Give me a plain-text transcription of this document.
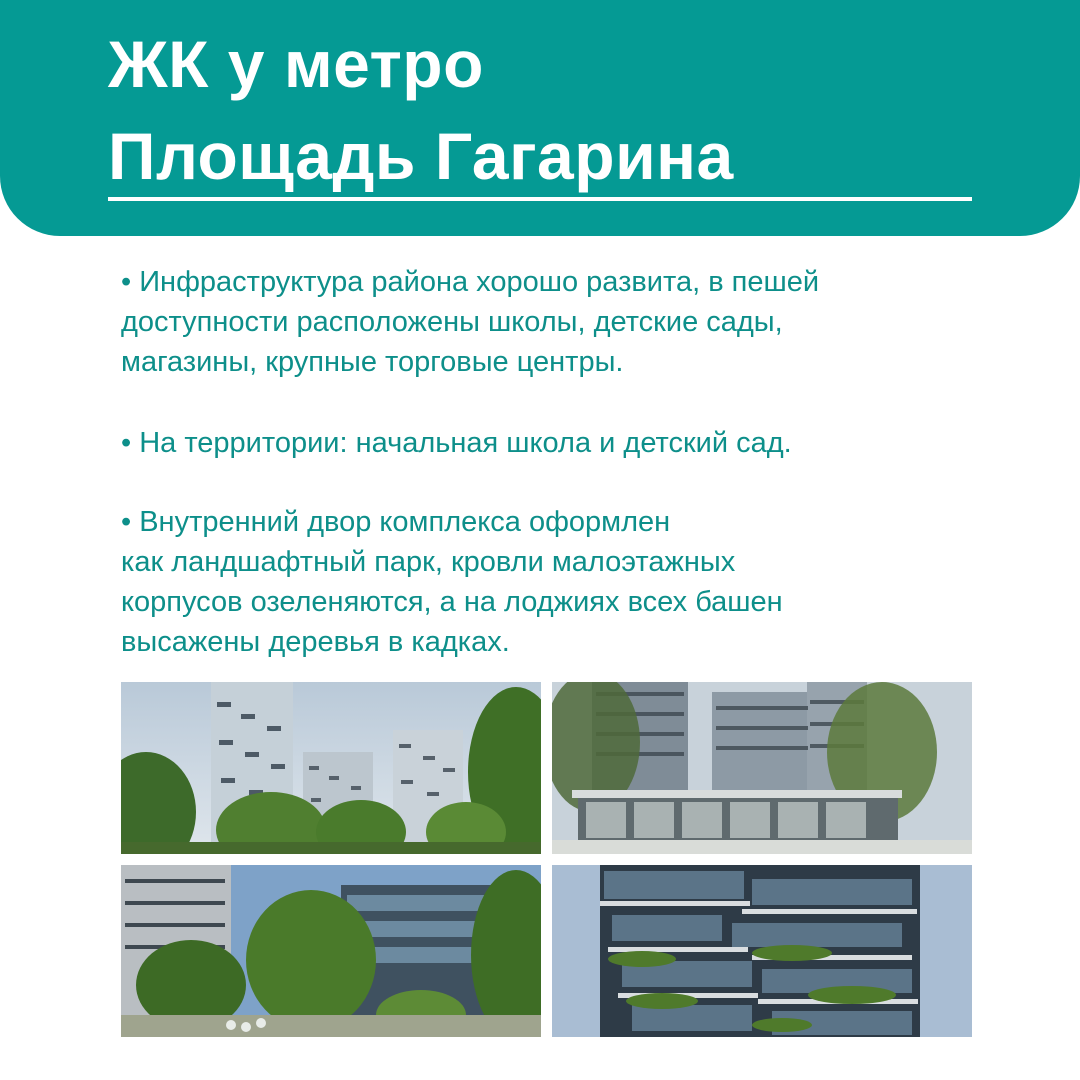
ЖК у метро
Площадь Гагарина
• Инфраструктура района хорошо развита, в пешей
доступности расположены школы, детские сады,
магазины, крупные торговые центры.
• На территории: начальная школа и детский сад.
• Внутренний двор комплекса оформлен
как ландшафтный парк, кровли малоэтажных
корпусов озеленяются, а на лоджиях всех башен
высажены деревья в кадках.
